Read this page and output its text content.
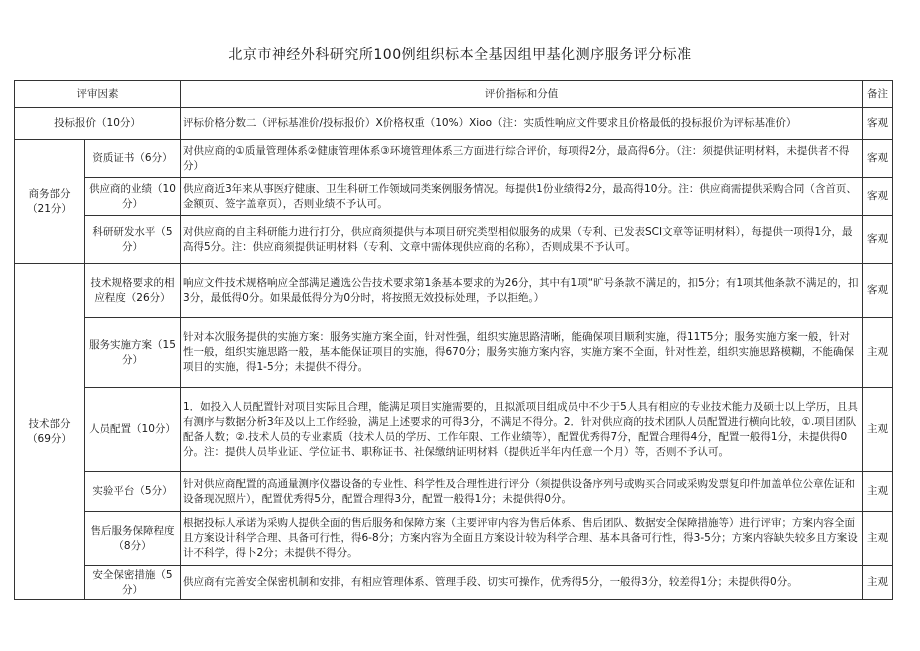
北京市神经外科研究所100例组织标本全基因组甲基化测序服务评分标准
评审因素		评价指标和分值	备注
投标报价（10分）		评标价格分数二（评标基准价/投标报价）X价格权重（10%）Xioo（注：实质性响应文件要求且价格最低的投标报价为评标基准价）	客观
商务部分（21分）	资质证书（6分）	对供应商的①质量管理体系②健康管理体系③环境管理体系三方面进行综合评价，每项得2分，最高得6分。（注：须提供证明材料，未提供者不得分）	客观
	供应商的业绩（10分）	供应商近3年来从事医疗健康、卫生科研工作领域同类案例服务情况。每提供1份业绩得2分，最高得10分。注：供应商需提供采购合同（含首页、金额页、签字盖章页），否则业绩不予认可。	客观
	科研研发水平（5分）	对供应商的自主科研能力进行打分，供应商须提供与本项目研究类型相似服务的成果（专利、已发表SCI文章等证明材料），每提供一项得1分，最高得5分。注：供应商须提供证明材料（专利、文章中需体现供应商的名称），否则成果不予认可。	客观
技术部分（69分）	技术规格要求的相应程度（26分）	响应文件技术规格响应全部满足遴选公告技术要求第1条基本要求的为26分，其中有1项“旷号条款不满足的，扣5分；有1项其他条款不满足的，扣3分，最低得0分。如果最低得分为0分时，将按照无效投标处理，予以拒绝。）	客观
	服务实施方案（15分）	针对本次服务提供的实施方案：服务实施方案全面，针对性强，组织实施思路清晰，能确保项目顺利实施，得11T5分；服务实施方案一般，针对性一般，组织实施思路一般，基本能保证项目的实施，得670分；服务实施方案内容，实施方案不全面，针对性差，组织实施思路模糊，不能确保项目的实施，得1-5分；未提供不得分。	主观
	人员配置（10分）	1．如投入人员配置针对项目实际且合理，能满足项目实施需要的，且拟派项目组成员中不少于5人具有相应的专业技术能力及硕士以上学历，且具有测序与数据分析3年及以上工作经验，满足上述要求的可得3分，不满足不得分。2．针对供应商的技术团队人员配置进行横向比较，①.项目团队配备人数；②.技术人员的专业素质（技术人员的学历、工作年限、工作业绩等），配置优秀得7分，配置合理得4分，配置一般得1分，未提供得0分。注：提供人员毕业证、学位证书、职称证书、社保缴纳证明材料（提供近半年内任意一个月）等，否则不予认可。	主观
	实验平台（5分）	针对供应商配置的高通量测序仪器设备的专业性、科学性及合理性进行评分（须提供设备序列号或购买合同或采购发票复印件加盖单位公章佐证和设备现况照片），配置优秀得5分，配置合理得3分，配置一般得1分；未提供得0分。	主观
	售后服务保障程度（8分）	根据投标人承诺为采购人提供全面的售后服务和保障方案（主要评审内容为售后体系、售后团队、数据安全保障措施等）进行评审；方案内容全面且方案设计科学合理、具备可行性，得6-8分；方案内容为全面且方案设计较为科学合理、基本具备可行性，得3-5分；方案内容缺失较多且方案设计不科学，得卜2分；未提供不得分。	主观
	安全保密措施（5分）	供应商有完善安全保密机制和安排，有相应管理体系、管理手段、切实可操作，优秀得5分，一般得3分，较差得1分；未提供得0分。	主观
